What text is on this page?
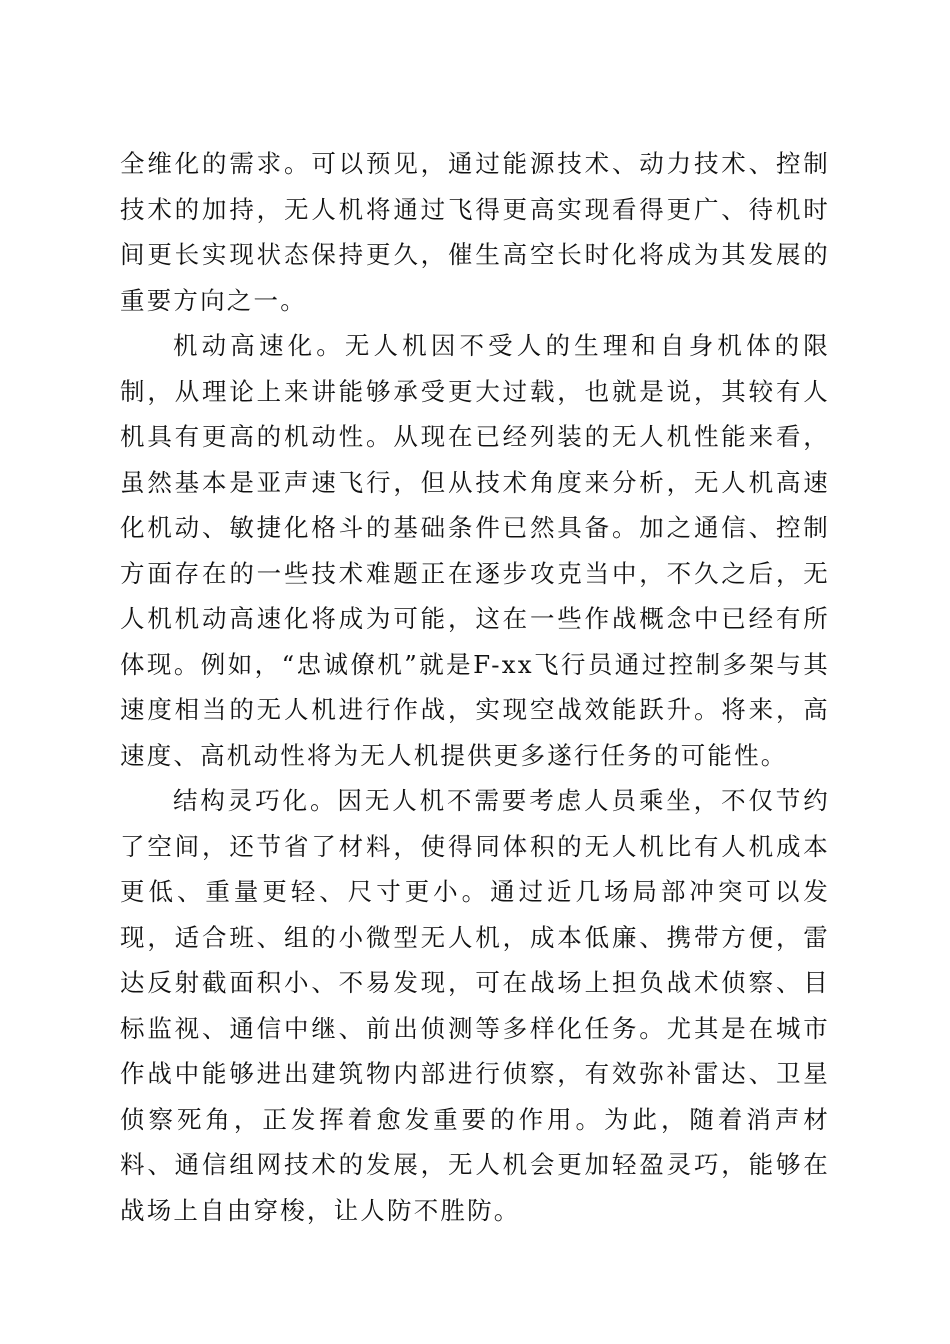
全维化的需求。可以预见，通过能源技术、动力技术、控制技术的加持，无人机将通过飞得更高实现看得更广、待机时间更长实现状态保持更久，催生高空长时化将成为其发展的重要方向之一。

机动高速化。无人机因不受人的生理和自身机体的限制，从理论上来讲能够承受更大过载，也就是说，其较有人机具有更高的机动性。从现在已经列装的无人机性能来看，虽然基本是亚声速飞行，但从技术角度来分析，无人机高速化机动、敏捷化格斗的基础条件已然具备。加之通信、控制方面存在的一些技术难题正在逐步攻克当中，不久之后，无人机机动高速化将成为可能，这在一些作战概念中已经有所体现。例如，“忠诚僚机”就是F-xx飞行员通过控制多架与其速度相当的无人机进行作战，实现空战效能跃升。将来，高速度、高机动性将为无人机提供更多遂行任务的可能性。

结构灵巧化。因无人机不需要考虑人员乘坐，不仅节约了空间，还节省了材料，使得同体积的无人机比有人机成本更低、重量更轻、尺寸更小。通过近几场局部冲突可以发现，适合班、组的小微型无人机，成本低廉、携带方便，雷达反射截面积小、不易发现，可在战场上担负战术侦察、目标监视、通信中继、前出侦测等多样化任务。尤其是在城市作战中能够进出建筑物内部进行侦察，有效弥补雷达、卫星侦察死角，正发挥着愈发重要的作用。为此，随着消声材料、通信组网技术的发展，无人机会更加轻盈灵巧，能够在战场上自由穿梭，让人防不胜防。
